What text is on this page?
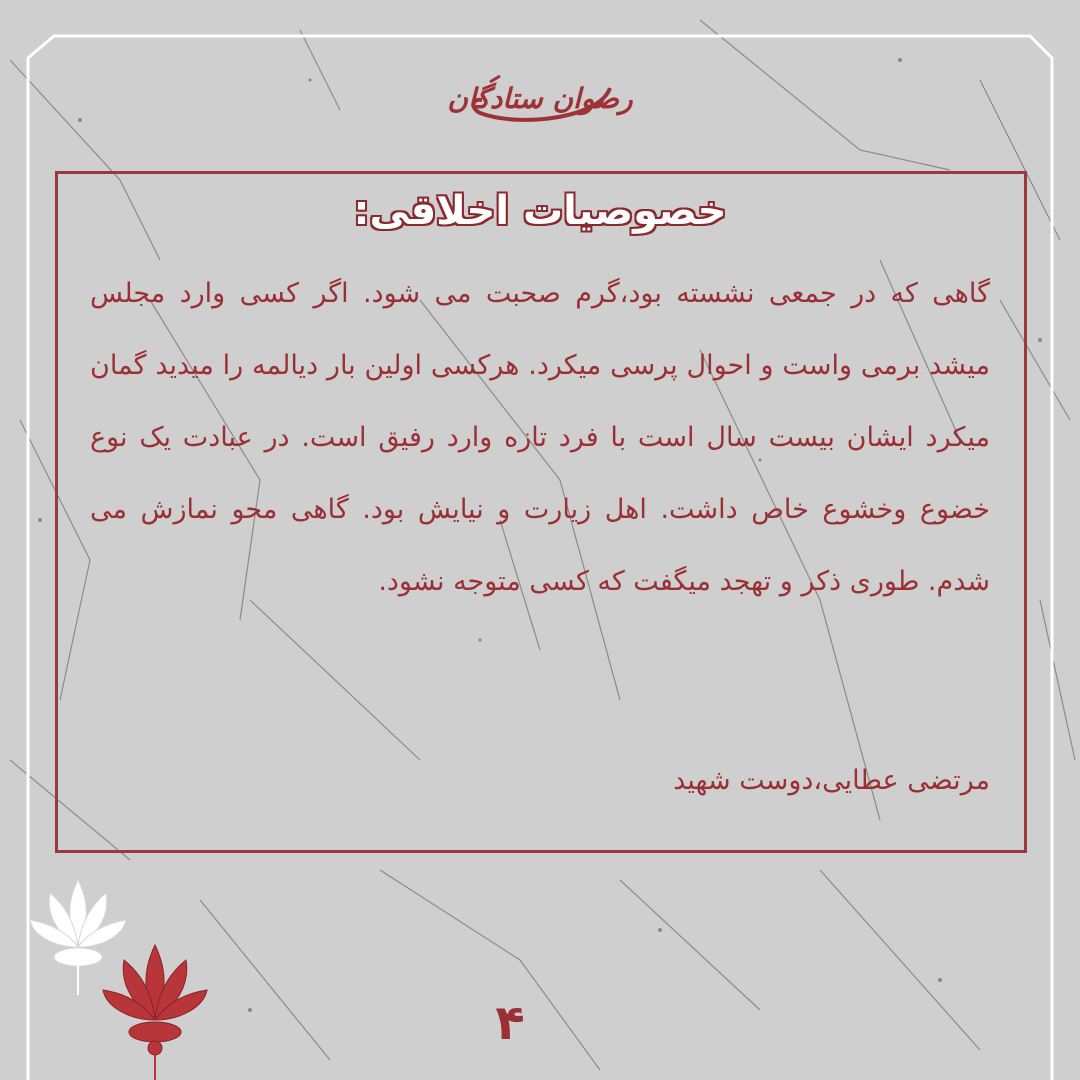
رضوان ستادگان
خصوصیات اخلاقی:

گاهی که در جمعی نشسته بود،گرم صحبت می شود. اگر کسی وارد مجلس میشد برمی واست و احوال پرسی میکرد. هرکسی اولین بار دیالمه را میدید گمان میکرد ایشان بیست سال است با فرد تازه وارد رفیق است. در عبادت یک نوع خضوع وخشوع خاص داشت. اهل زیارت و نیایش بود. گاهی محو نمازش می شدم. طوری ذکر و تهجد میگفت که کسی متوجه نشود.

مرتضی عطایی،دوست شهید
۴
